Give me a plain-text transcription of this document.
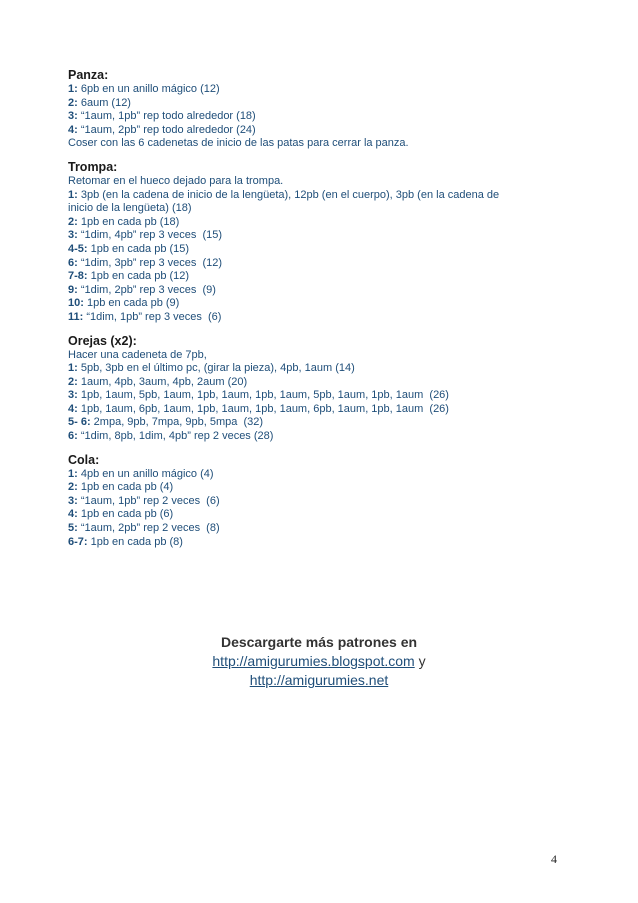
Panza:
1: 6pb en un anillo mágico (12)
2: 6aum (12)
3: “1aum, 1pb” rep todo alrededor (18)
4: “1aum, 2pb” rep todo alrededor (24)
Coser con las 6 cadenetas de inicio de las patas para cerrar la panza.
Trompa:
Retomar en el hueco dejado para la trompa.
1: 3pb (en la cadena de inicio de la lengüeta), 12pb (en el cuerpo), 3pb (en la cadena de
inicio de la lengüeta) (18)
2: 1pb en cada pb (18)
3: “1dim, 4pb” rep 3 veces  (15)
4-5: 1pb en cada pb (15)
6: “1dim, 3pb” rep 3 veces  (12)
7-8: 1pb en cada pb (12)
9: “1dim, 2pb” rep 3 veces  (9)
10: 1pb en cada pb (9)
11: “1dim, 1pb” rep 3 veces  (6)
Orejas (x2):
Hacer una cadeneta de 7pb,
1: 5pb, 3pb en el último pc, (girar la pieza), 4pb, 1aum (14)
2: 1aum, 4pb, 3aum, 4pb, 2aum (20)
3: 1pb, 1aum, 5pb, 1aum, 1pb, 1aum, 1pb, 1aum, 5pb, 1aum, 1pb, 1aum  (26)
4: 1pb, 1aum, 6pb, 1aum, 1pb, 1aum, 1pb, 1aum, 6pb, 1aum, 1pb, 1aum  (26)
5- 6: 2mpa, 9pb, 7mpa, 9pb, 5mpa  (32)
6: “1dim, 8pb, 1dim, 4pb” rep 2 veces (28)
Cola:
1: 4pb en un anillo mágico (4)
2: 1pb en cada pb (4)
3: “1aum, 1pb” rep 2 veces  (6)
4: 1pb en cada pb (6)
5: “1aum, 2pb” rep 2 veces  (8)
6-7: 1pb en cada pb (8)
Descargarte más patrones en
http://amigurumies.blogspot.com y
http://amigurumies.net
4
